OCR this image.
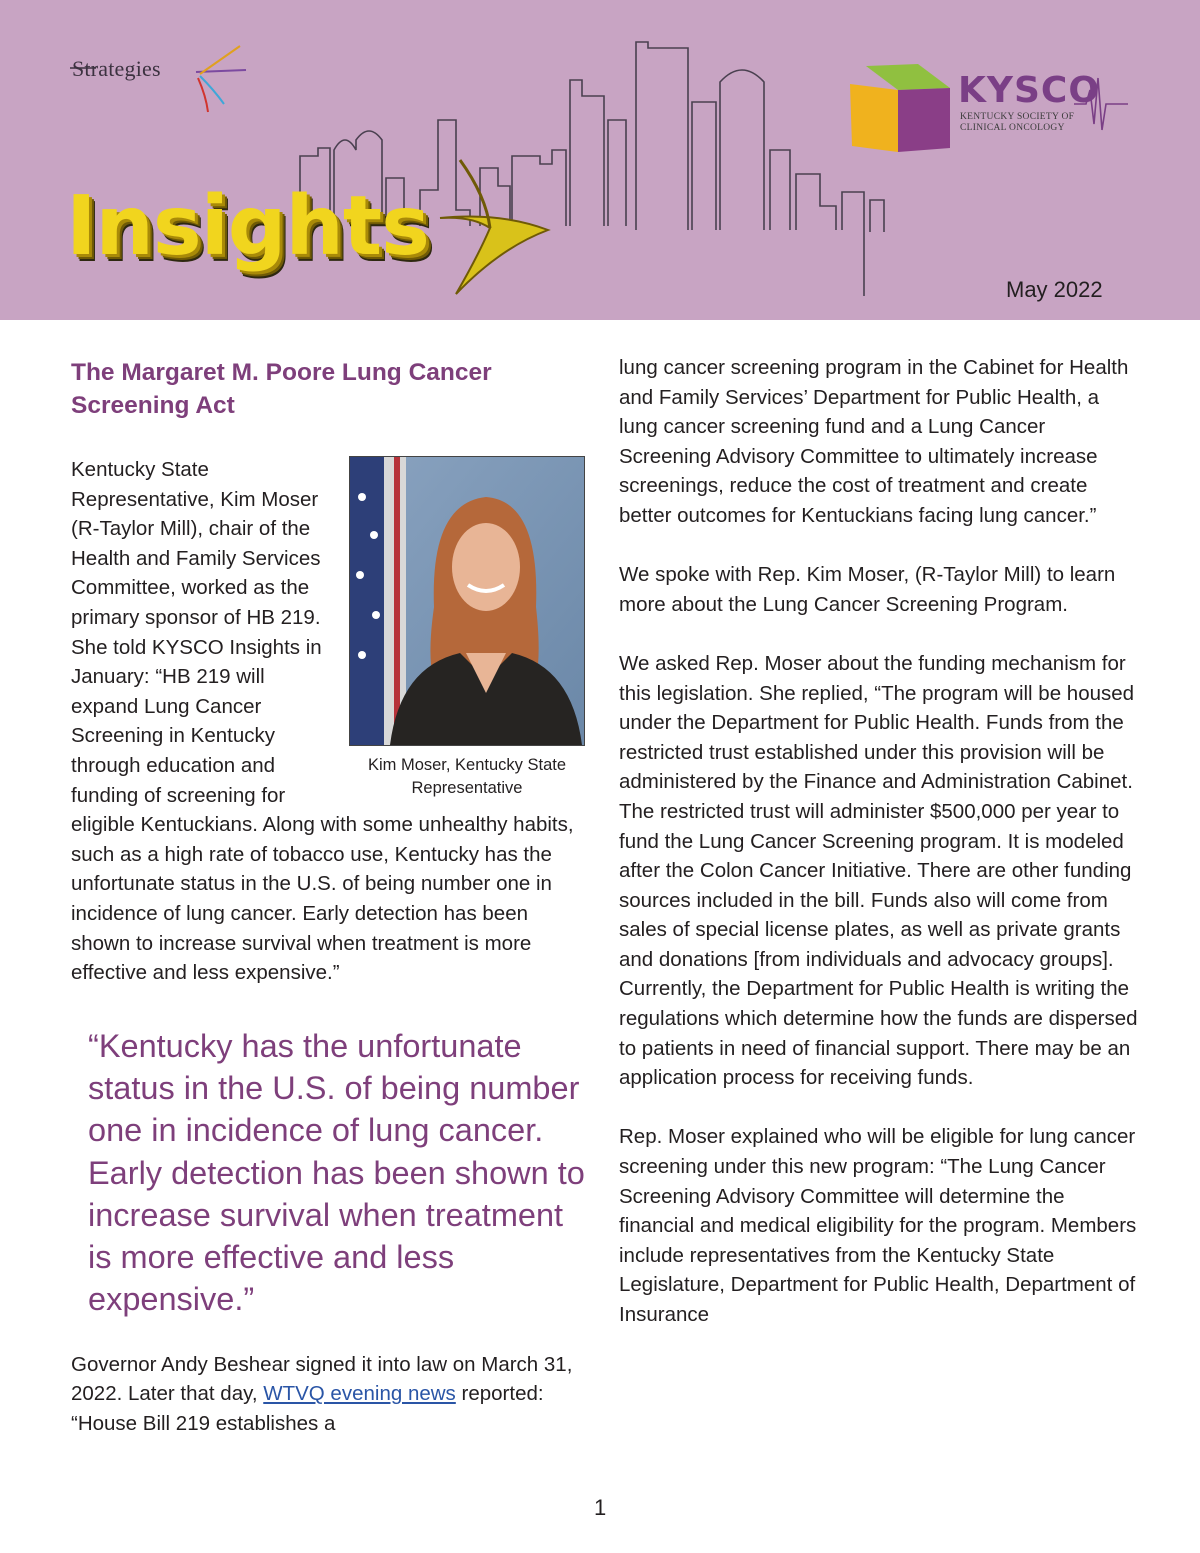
Strategies
Insights
KYSCO
KENTUCKY SOCIETY OF CLINICAL ONCOLOGY
May 2022
The Margaret M. Poore Lung Cancer Screening Act
Kim Moser, Kentucky State Representative
Kentucky State Representative, Kim Moser (R-Taylor Mill), chair of the Health and Family Services Committee, worked as the primary sponsor of HB 219. She told KYSCO Insights in January: “HB 219 will expand Lung Cancer Screening in Kentucky through education and funding of screening for eligible Kentuckians. Along with some unhealthy habits, such as a high rate of tobacco use, Kentucky has the unfortunate status in the U.S. of being number one in incidence of lung cancer. Early detection has been shown to increase survival when treatment is more effective and less expensive.”
“Kentucky has the unfortunate status in the U.S. of being number one in incidence of lung cancer. Early detection has been shown to increase survival when treatment is more effective and less expensive.”

Governor Andy Beshear signed it into law on March 31, 2022. Later that day, WTVQ evening news reported: “House Bill 219 establishes a

lung cancer screening program in the Cabinet for Health and Family Services’ Department for Public Health, a lung cancer screening fund and a Lung Cancer Screening Advisory Committee to ultimately increase screenings, reduce the cost of treatment and create better outcomes for Kentuckians facing lung cancer.”

We spoke with Rep. Kim Moser, (R-Taylor Mill) to learn more about the Lung Cancer Screening Program.

We asked Rep. Moser about the funding mechanism for this legislation. She replied, “The program will be housed under the Department for Public Health. Funds from the restricted trust established under this provision will be administered by the Finance and Administration Cabinet. The restricted trust will administer $500,000 per year to fund the Lung Cancer Screening program. It is modeled after the Colon Cancer Initiative. There are other funding sources included in the bill. Funds also will come from sales of special license plates, as well as private grants and donations [from individuals and advocacy groups]. Currently, the Department for Public Health is writing the regulations which determine how the funds are dispersed to patients in need of financial support. There may be an application process for receiving funds.

Rep. Moser explained who will be eligible for lung cancer screening under this new program: “The Lung Cancer Screening Advisory Committee will determine the financial and medical eligibility for the program. Members include representatives from the Kentucky State Legislature, Department for Public Health, Department of Insurance

1
